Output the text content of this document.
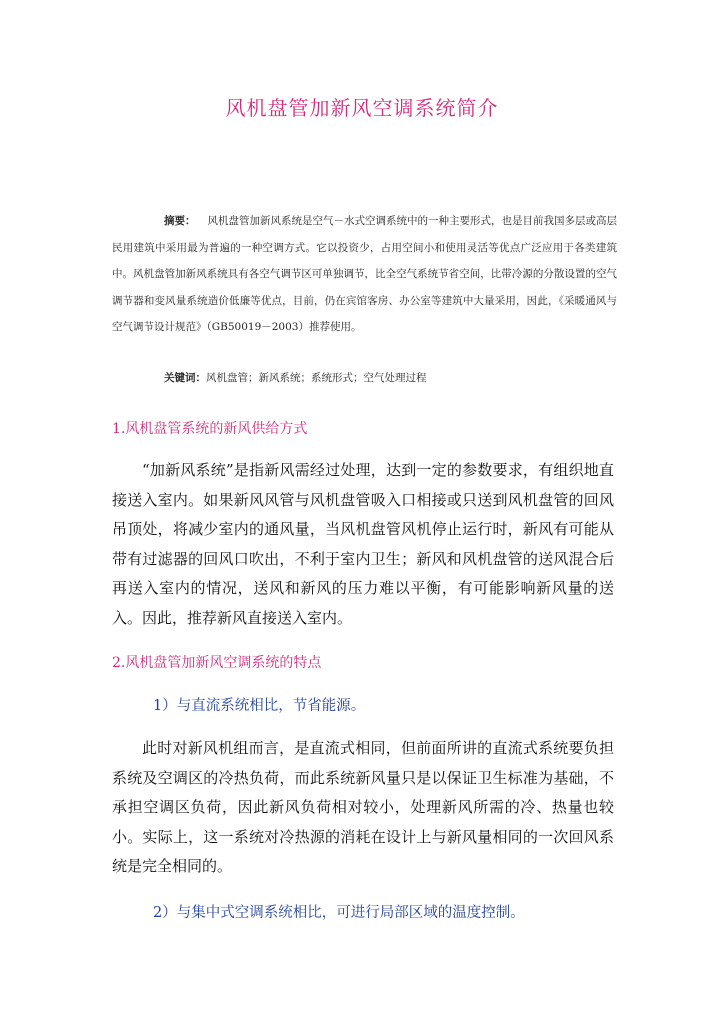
风机盘管加新风空调系统简介
摘要： 风机盘管加新风系统是空气－水式空调系统中的一种主要形式，也是目前我国多层或高层民用建筑中采用最为普遍的一种空调方式。它以投资少，占用空间小和使用灵活等优点广泛应用于各类建筑中。风机盘管加新风系统具有各空气调节区可单独调节，比全空气系统节省空间，比带冷源的分散设置的空气调节器和变风量系统造价低廉等优点，目前，仍在宾馆客房、办公室等建筑中大量采用，因此，《采暖通风与空气调节设计规范》（GB50019－2003）推荐使用。
关键词：风机盘管；新风系统；系统形式；空气处理过程
1.风机盘管系统的新风供给方式
“加新风系统”是指新风需经过处理，达到一定的参数要求，有组织地直接送入室内。如果新风风管与风机盘管吸入口相接或只送到风机盘管的回风吊顶处，将减少室内的通风量，当风机盘管风机停止运行时，新风有可能从带有过滤器的回风口吹出，不利于室内卫生；新风和风机盘管的送风混合后再送入室内的情况，送风和新风的压力难以平衡，有可能影响新风量的送入。因此，推荐新风直接送入室内。
2.风机盘管加新风空调系统的特点
1）与直流系统相比，节省能源。
此时对新风机组而言，是直流式相同，但前面所讲的直流式系统要负担系统及空调区的冷热负荷，而此系统新风量只是以保证卫生标准为基础，不承担空调区负荷，因此新风负荷相对较小，处理新风所需的冷、热量也较小。实际上，这一系统对冷热源的消耗在设计上与新风量相同的一次回风系统是完全相同的。
2）与集中式空调系统相比，可进行局部区域的温度控制。
